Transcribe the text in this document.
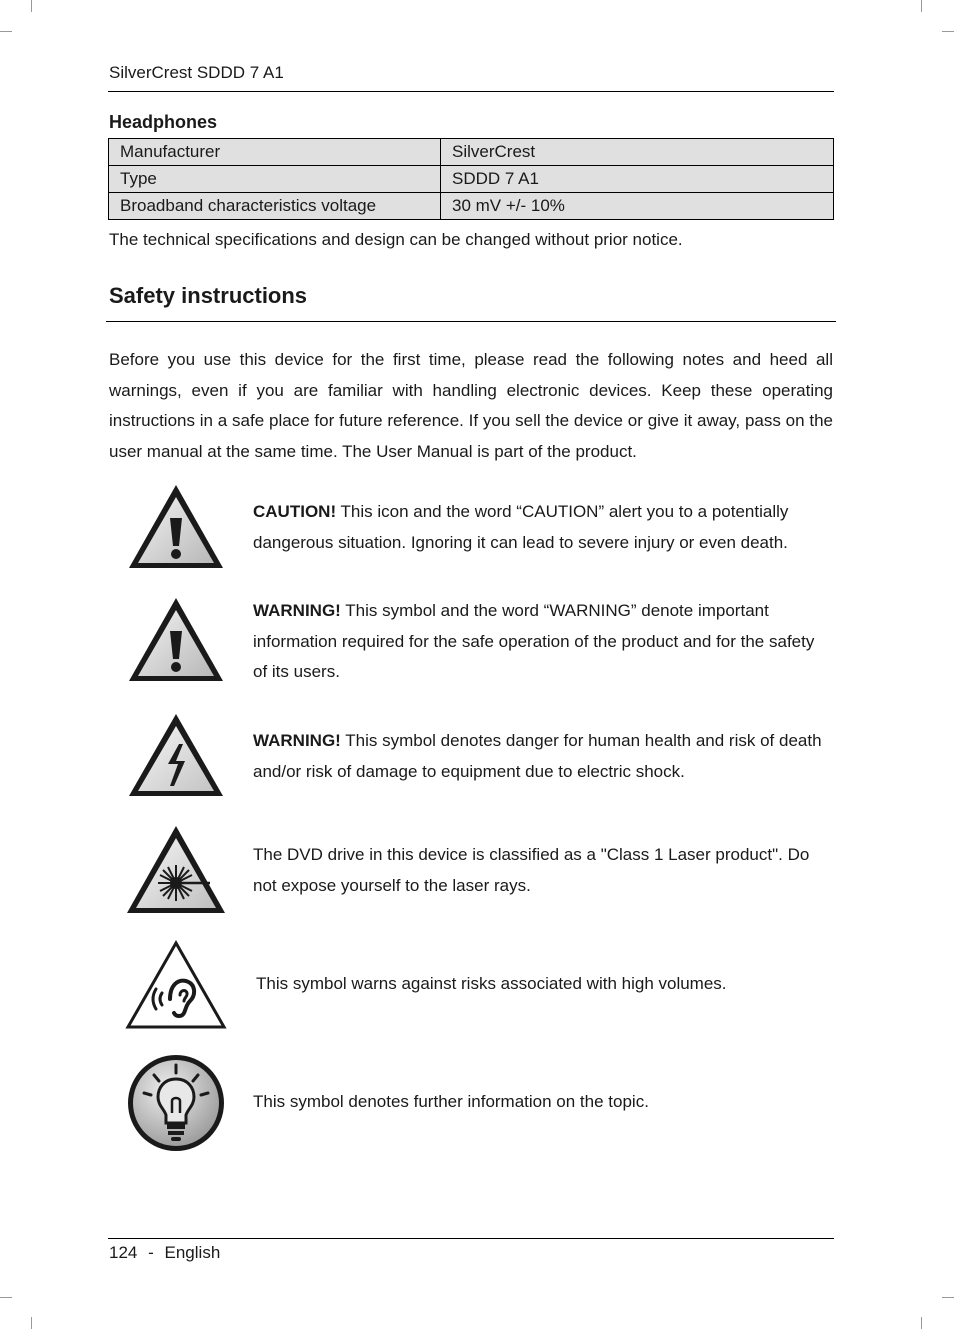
SilverCrest SDDD 7 A1
Headphones
Manufacturer	SilverCrest
Type	SDDD 7 A1
Broadband characteristics voltage	30 mV +/- 10%
The technical specifications and design can be changed without prior notice.
Safety instructions

Before you use this device for the first time, please read the following notes and heed all warnings, even if you are familiar with handling electronic devices. Keep these operating instructions in a safe place for future reference. If you sell the device or give it away, pass on the user manual at the same time. The User Manual is part of the product.

CAUTION! This icon and the word “CAUTION” alert you to a potentially dangerous situation. Ignoring it can lead to severe injury or even death.

WARNING! This symbol and the word “WARNING” denote important information required for the safe operation of the product and for the safety of its users.

WARNING! This symbol denotes danger for human health and risk of death and/or risk of damage to equipment due to electric shock.

The DVD drive in this device is classified as a "Class 1 Laser product". Do not expose yourself to the laser rays.

This symbol warns against risks associated with high volumes.

This symbol denotes further information on the topic.

124 - English
